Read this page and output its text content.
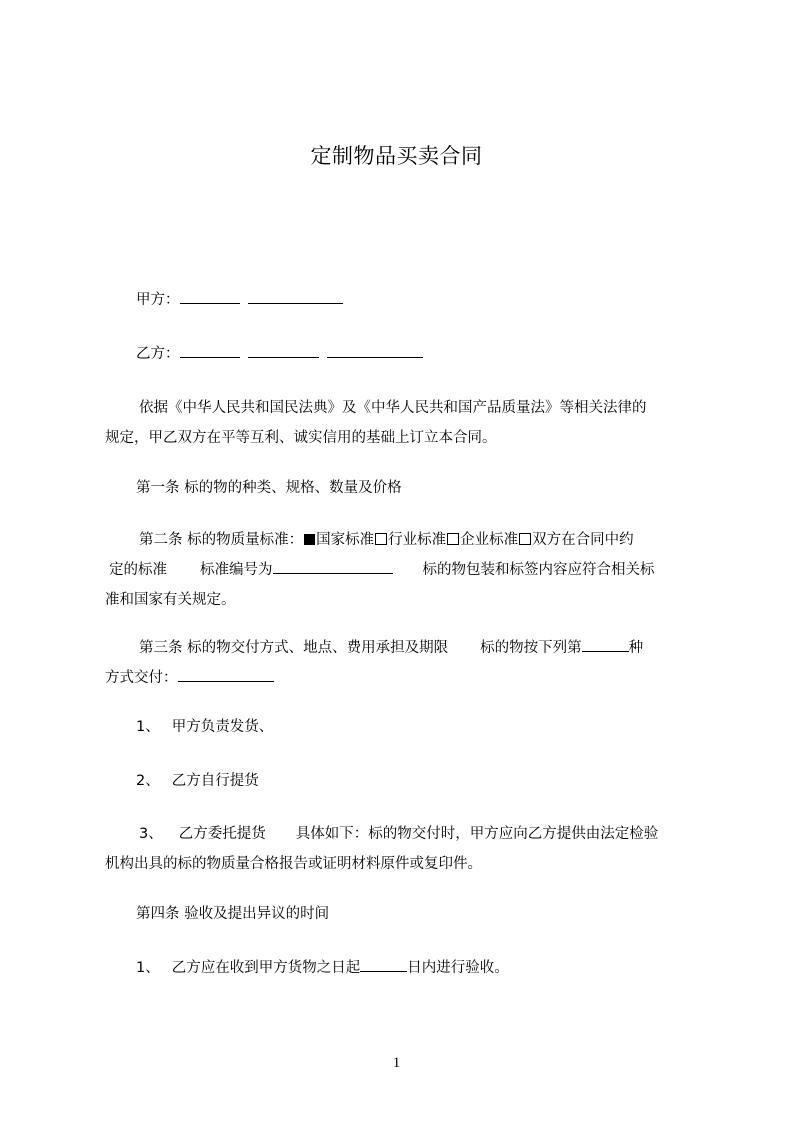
定制物品买卖合同
甲方：
乙方：
依据《中华人民共和国民法典》及《中华人民共和国产品质量法》等相关法律的
规定，甲乙双方在平等互利、诚实信用的基础上订立本合同。
第一条 标的物的种类、规格、数量及价格
第二条 标的物质量标准： 国家标准 行业标准 企业标准 双方在合同中约
定的标准 标准编号为	标的物包装和标签内容应符合相关标
准和国家有关规定。
第三条 标的物交付方式、地点、费用承担及期限 标的物按下列第	种
方式交付：
1、 甲方负责发货、
2、 乙方自行提货
3、 乙方委托提货 具体如下：标的物交付时，甲方应向乙方提供由法定检验
机构出具的标的物质量合格报告或证明材料原件或复印件。
第四条 验收及提出异议的时间
1、 乙方应在收到甲方货物之日起	日内进行验收。
1
